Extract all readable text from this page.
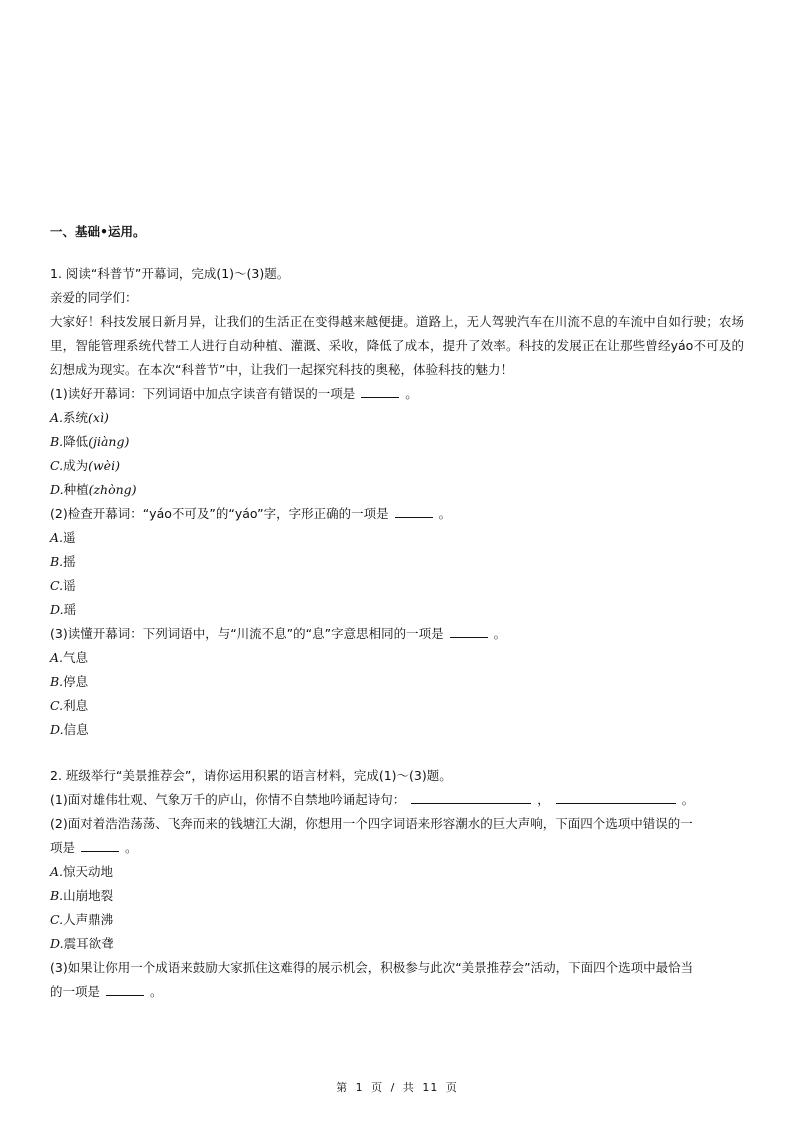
一、基础•运用。

1. 阅读“科普节”开幕词，完成(1)～(3)题。

亲爱的同学们：

大家好！科技发展日新月异，让我们的生活正在变得越来越便捷。道路上，无人驾驶汽车在川流不息的车流中自如行驶；农场里，智能管理系统代替工人进行自动种植、灌溉、采收，降低了成本，提升了效率。科技的发展正在让那些曾经yáo不可及的幻想成为现实。在本次“科普节”中，让我们一起探究科技的奥秘，体验科技的魅力！

(1)读好开幕词：下列词语中加点字读音有错误的一项是	。

A.系统(xì)

B.降低(jiàng)

C.成为(wèi)

D.种植(zhòng)

(2)检查开幕词：“yáo不可及”的“yáo”字，字形正确的一项是	。

A.遥

B.摇

C.谣

D.瑶

(3)读懂开幕词：下列词语中，与“川流不息”的“息”字意思相同的一项是	。

A.气息

B.停息

C.利息

D.信息

2. 班级举行“美景推荐会”，请你运用积累的语言材料，完成(1)～(3)题。

(1)面对雄伟壮观、气象万千的庐山，你情不自禁地吟诵起诗句：	，	。

(2)面对着浩浩荡荡、飞奔而来的钱塘江大湖，你想用一个四字词语来形容潮水的巨大声响，下面四个选项中错误的一

项是	。

A.惊天动地

B.山崩地裂

C.人声鼎沸

D.震耳欲聋

(3)如果让你用一个成语来鼓励大家抓住这难得的展示机会，积极参与此次“美景推荐会”活动，下面四个选项中最恰当

的一项是	。

第 1 页 / 共 11 页
